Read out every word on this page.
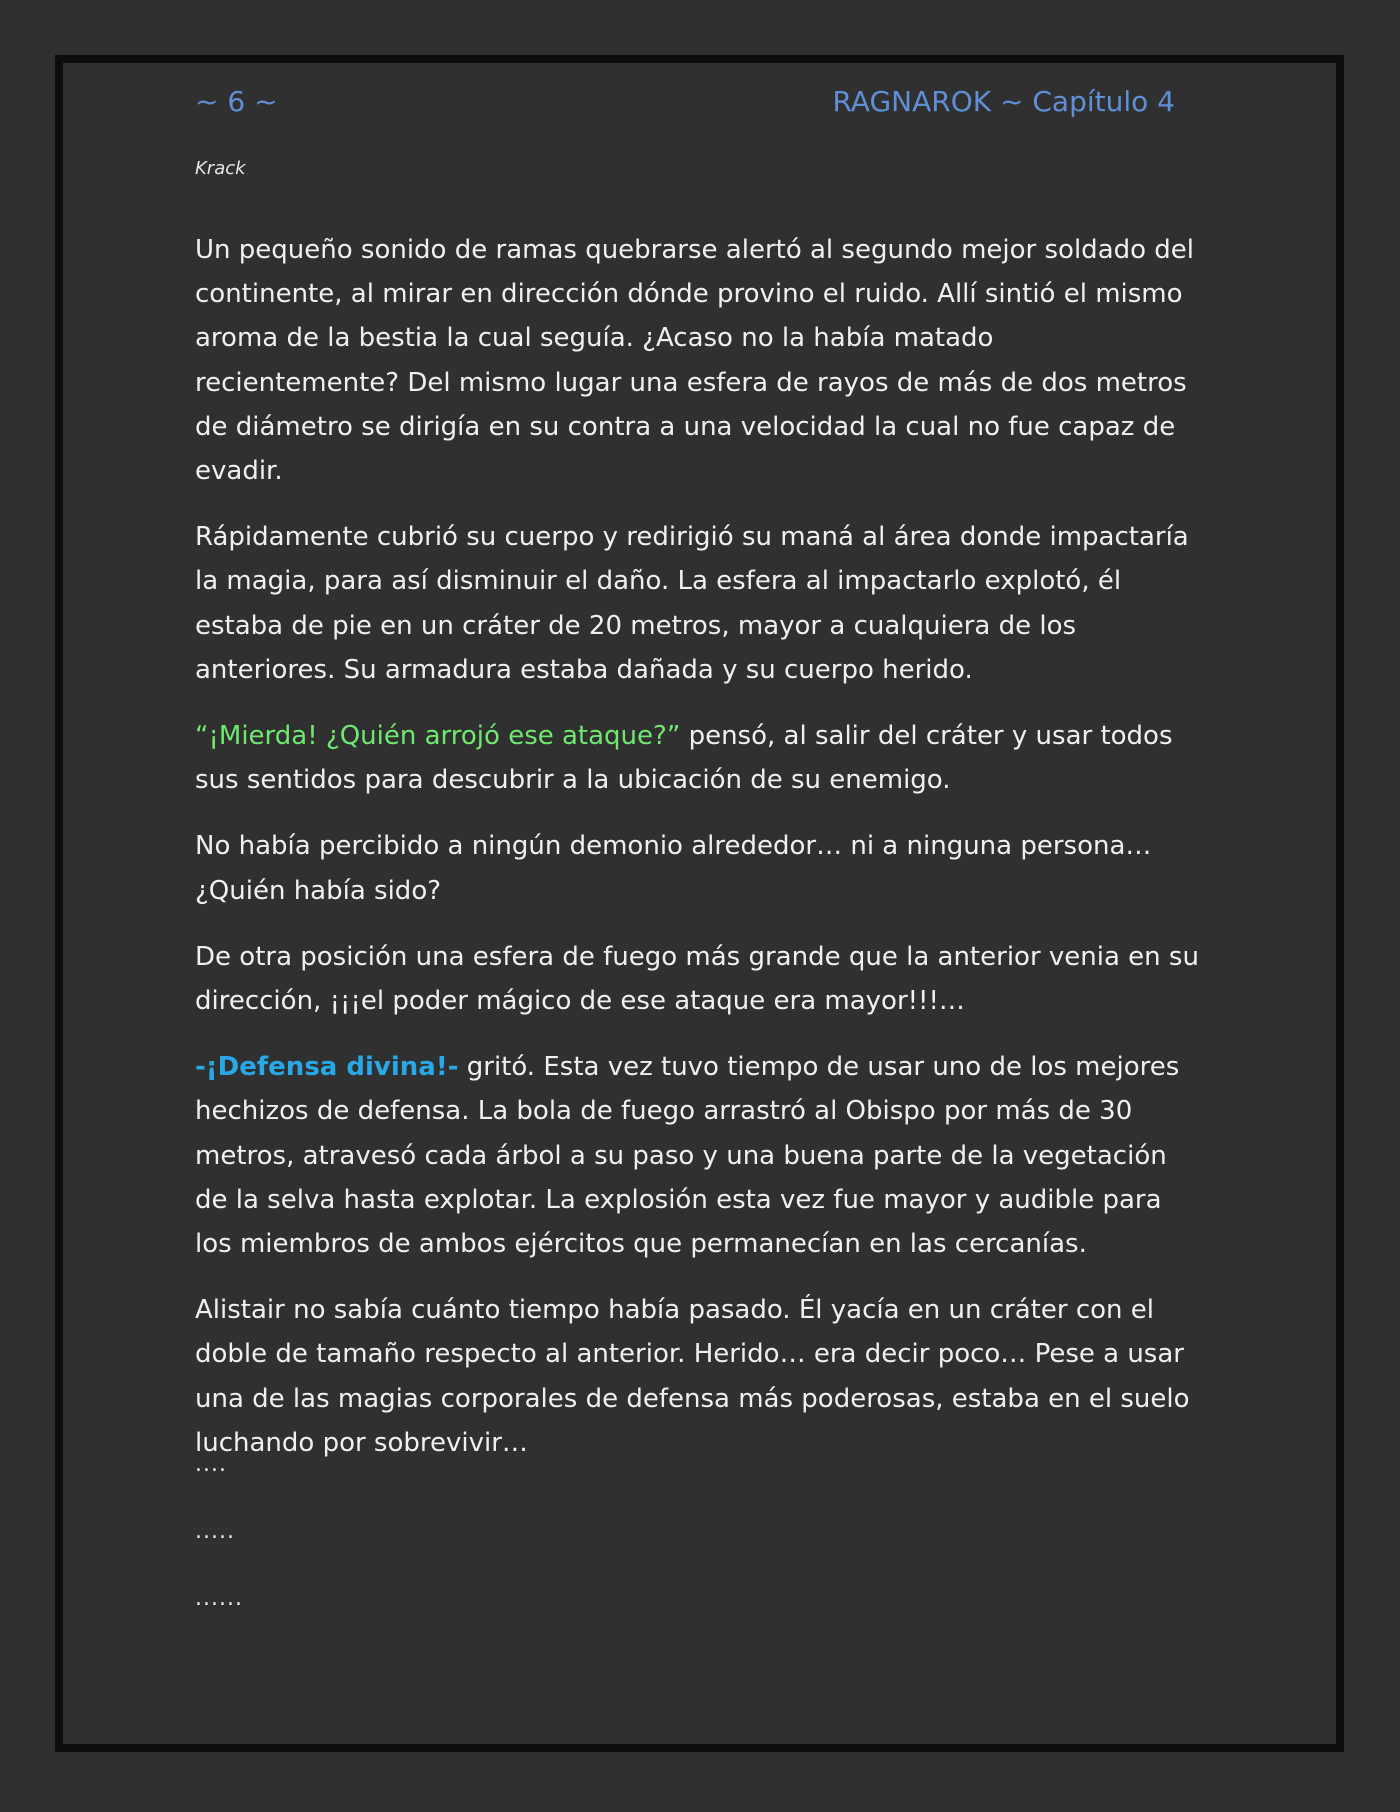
~ 6 ~	RAGNAROK ~ Capítulo 4
Krack

Un pequeño sonido de ramas quebrarse alertó al segundo mejor soldado del continente, al mirar en dirección dónde provino el ruido. Allí sintió el mismo aroma de la bestia la cual seguía. ¿Acaso no la había matado recientemente? Del mismo lugar una esfera de rayos de más de dos metros de diámetro se dirigía en su contra a una velocidad la cual no fue capaz de evadir.

Rápidamente cubrió su cuerpo y redirigió su maná al área donde impactaría la magia, para así disminuir el daño. La esfera al impactarlo explotó, él estaba de pie en un cráter de 20 metros, mayor a cualquiera de los anteriores. Su armadura estaba dañada y su cuerpo herido.

“¡Mierda! ¿Quién arrojó ese ataque?” pensó, al salir del cráter y usar todos sus sentidos para descubrir a la ubicación de su enemigo.

No había percibido a ningún demonio alrededor… ni a ninguna persona… ¿Quién había sido?

De otra posición una esfera de fuego más grande que la anterior venia en su dirección, ¡¡¡el poder mágico de ese ataque era mayor!!!…

-¡Defensa divina!- gritó. Esta vez tuvo tiempo de usar uno de los mejores hechizos de defensa. La bola de fuego arrastró al Obispo por más de 30 metros, atravesó cada árbol a su paso y una buena parte de la vegetación de la selva hasta explotar. La explosión esta vez fue mayor y audible para los miembros de ambos ejércitos que permanecían en las cercanías.

Alistair no sabía cuánto tiempo había pasado. Él yacía en un cráter con el doble de tamaño respecto al anterior. Herido… era decir poco… Pese a usar una de las magias corporales de defensa más poderosas, estaba en el suelo luchando por sobrevivir…

....
.....
......
